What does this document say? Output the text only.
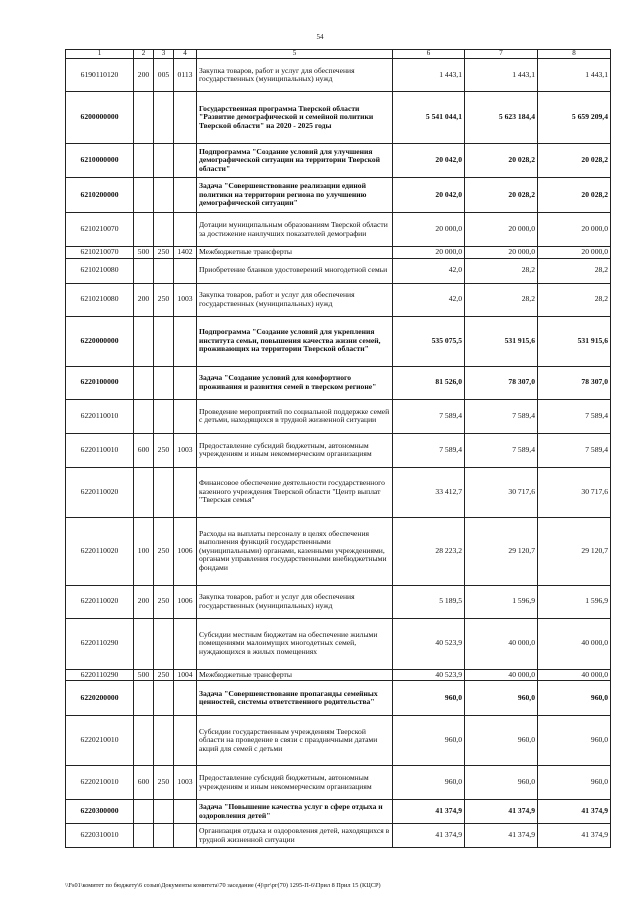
54
1	2	3	4	5	6	7	8
6190110120	200	005	0113	Закупка товаров, работ и услуг для обеспечения государственных (муниципальных) нужд	1 443,1	1 443,1	1 443,1
6200000000				Государственная программа Тверской области "Развитие демографической и семейной политики Тверской области" на 2020 - 2025 годы	5 541 044,1	5 623 184,4	5 659 209,4
6210000000				Подпрограмма "Создание условий для улучшения демографической ситуации на территории Тверской области"	20 042,0	20 028,2	20 028,2
6210200000				Задача "Совершенствование реализации единой политики на территории региона по улучшению демографической ситуации"	20 042,0	20 028,2	20 028,2
6210210070				Дотации муниципальным образованиям Тверской области за достижение наилучших показателей демографии	20 000,0	20 000,0	20 000,0
6210210070	500	250	1402	Межбюджетные трансферты	20 000,0	20 000,0	20 000,0
6210210080				Приобретение бланков удостоверений многодетной семьи	42,0	28,2	28,2
6210210080	200	250	1003	Закупка товаров, работ и услуг для обеспечения государственных (муниципальных) нужд	42,0	28,2	28,2
6220000000				Подпрограмма "Создание условий для укрепления института семьи, повышения качества жизни семей, проживающих на территории Тверской области"	535 075,5	531 915,6	531 915,6
6220100000				Задача "Создание условий для комфортного проживания и развития семей в тверском регионе"	81 526,0	78 307,0	78 307,0
6220110010				Проведение мероприятий по социальной поддержке семей с детьми, находящихся в трудной жизненной ситуации	7 589,4	7 589,4	7 589,4
6220110010	600	250	1003	Предоставление субсидий бюджетным, автономным учреждениям и иным некоммерческим организациям	7 589,4	7 589,4	7 589,4
6220110020				Финансовое обеспечение деятельности государственного казенного учреждения Тверской области "Центр выплат "Тверская семья"	33 412,7	30 717,6	30 717,6
6220110020	100	250	1006	Расходы на выплаты персоналу в целях обеспечения выполнения функций государственными (муниципальными) органами, казенными учреждениями, органами управления государственными внебюджетными фондами	28 223,2	29 120,7	29 120,7
6220110020	200	250	1006	Закупка товаров, работ и услуг для обеспечения государственных (муниципальных) нужд	5 189,5	1 596,9	1 596,9
6220110290				Субсидии местным бюджетам на обеспечение жилыми помещениями малоимущих многодетных семей, нуждающихся в жилых помещениях	40 523,9	40 000,0	40 000,0
6220110290	500	250	1004	Межбюджетные трансферты	40 523,9	40 000,0	40 000,0
6220200000				Задача "Совершенствование пропаганды семейных ценностей, системы ответственного родительства"	960,0	960,0	960,0
6220210010				Субсидии государственным учреждениям Тверской области на проведение в связи с праздничными датами акций для семей с детьми	960,0	960,0	960,0
6220210010	600	250	1003	Предоставление субсидий бюджетным, автономным учреждениям и иным некоммерческим организациям	960,0	960,0	960,0
6220300000				Задача "Повышение качества услуг в сфере отдыха и оздоровления детей"	41 374,9	41 374,9	41 374,9
6220310010				Организация отдыха и оздоровления детей, находящихся в трудной жизненной ситуации	41 374,9	41 374,9	41 374,9
\\Fs01\комитет по бюджету\6 созыв\Документы комитета\70 заседание (4)\рг\рг(70) 1295-П-6\Прил 8 Прил 15 (КЦСР)
